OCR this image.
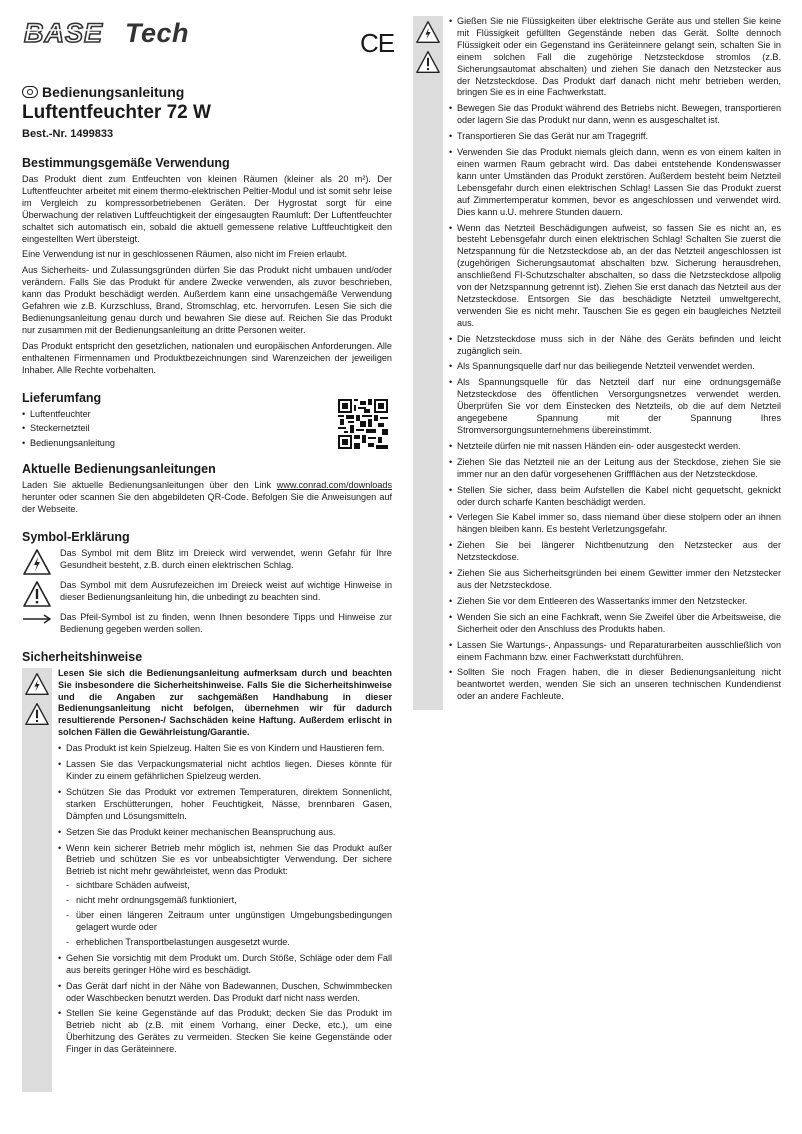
BASE Tech	CE
Bedienungsanleitung
Luftentfeuchter 72 W
Best.-Nr. 1499833
Bestimmungsgemäße Verwendung

Das Produkt dient zum Entfeuchten von kleinen Räumen (kleiner als 20 m²). Der Luftentfeuchter arbeitet mit einem thermo-elektrischen Peltier-Modul und ist somit sehr leise im Vergleich zu kompressorbetriebenen Geräten. Der Hygrostat sorgt für eine Überwachung der relativen Luftfeuchtigkeit der eingesaugten Raumluft: Der Luftentfeuchter schaltet sich automatisch ein, sobald die aktuell gemessene relative Luftfeuchtigkeit den eingestellten Wert übersteigt.

Eine Verwendung ist nur in geschlossenen Räumen, also nicht im Freien erlaubt.

Aus Sicherheits- und Zulassungsgründen dürfen Sie das Produkt nicht umbauen und/oder verändern. Falls Sie das Produkt für andere Zwecke verwenden, als zuvor beschrieben, kann das Produkt beschädigt werden. Außerdem kann eine unsachgemäße Verwendung Gefahren wie z.B. Kurzschluss, Brand, Stromschlag, etc. hervorrufen. Lesen Sie sich die Bedienungsanleitung genau durch und bewahren Sie diese auf. Reichen Sie das Produkt nur zusammen mit der Bedienungsanleitung an dritte Personen weiter.

Das Produkt entspricht den gesetzlichen, nationalen und europäischen Anforderungen. Alle enthaltenen Firmennamen und Produktbezeichnungen sind Warenzeichen der jeweiligen Inhaber. Alle Rechte vorbehalten.

Lieferumfang
• Luftentfeuchter
• Steckernetzteil
• Bedienungsanleitung
Aktuelle Bedienungsanleitungen

Laden Sie aktuelle Bedienungsanleitungen über den Link www.conrad.com/downloads herunter oder scannen Sie den abgebildeten QR-Code. Befolgen Sie die Anweisungen auf der Webseite.

Symbol-Erklärung

Das Symbol mit dem Blitz im Dreieck wird verwendet, wenn Gefahr für Ihre Gesundheit besteht, z.B. durch einen elektrischen Schlag.

Das Symbol mit dem Ausrufezeichen im Dreieck weist auf wichtige Hinweise in dieser Bedienungsanleitung hin, die unbedingt zu beachten sind.

Das Pfeil-Symbol ist zu finden, wenn Ihnen besondere Tipps und Hinweise zur Bedienung gegeben werden sollen.

Sicherheitshinweise

Lesen Sie sich die Bedienungsanleitung aufmerksam durch und beachten Sie insbesondere die Sicherheitshinweise. Falls Sie die Sicherheitshinweise und die Angaben zur sachgemäßen Handhabung in dieser Bedienungsanleitung nicht befolgen, übernehmen wir für dadurch resultierende Personen-/ Sachschäden keine Haftung. Außerdem erlischt in solchen Fällen die Gewährleistung/Garantie.

• Das Produkt ist kein Spielzeug. Halten Sie es von Kindern und Haustieren fern.
• Lassen Sie das Verpackungsmaterial nicht achtlos liegen. Dieses könnte für Kinder zu einem gefährlichen Spielzeug werden.
• Schützen Sie das Produkt vor extremen Temperaturen, direktem Sonnenlicht, starken Erschütterungen, hoher Feuchtigkeit, Nässe, brennbaren Gasen, Dämpfen und Lösungsmitteln.
• Setzen Sie das Produkt keiner mechanischen Beanspruchung aus.
• Wenn kein sicherer Betrieb mehr möglich ist, nehmen Sie das Produkt außer Betrieb und schützen Sie es vor unbeabsichtigter Verwendung. Der sichere Betrieb ist nicht mehr gewährleistet, wenn das Produkt:
- sichtbare Schäden aufweist,
- nicht mehr ordnungsgemäß funktioniert,
- über einen längeren Zeitraum unter ungünstigen Umgebungsbedingungen gelagert wurde oder
- erheblichen Transportbelastungen ausgesetzt wurde.
• Gehen Sie vorsichtig mit dem Produkt um. Durch Stöße, Schläge oder dem Fall aus bereits geringer Höhe wird es beschädigt.
• Das Gerät darf nicht in der Nähe von Badewannen, Duschen, Schwimmbecken oder Waschbecken benutzt werden. Das Produkt darf nicht nass werden.
• Stellen Sie keine Gegenstände auf das Produkt; decken Sie das Produkt im Betrieb nicht ab (z.B. mit einem Vorhang, einer Decke, etc.), um eine Überhitzung des Gerätes zu vermeiden. Stecken Sie keine Gegenstände oder Finger in das Geräteinnere.
• Gießen Sie nie Flüssigkeiten über elektrische Geräte aus und stellen Sie keine mit Flüssigkeit gefüllten Gegenstände neben das Gerät. Sollte dennoch Flüssigkeit oder ein Gegenstand ins Geräteinnere gelangt sein, schalten Sie in einem solchen Fall die zugehörige Netzsteckdose stromlos (z.B. Sicherungsautomat abschalten) und ziehen Sie danach den Netzstecker aus der Netzsteckdose. Das Produkt darf danach nicht mehr betrieben werden, bringen Sie es in eine Fachwerkstatt.
• Bewegen Sie das Produkt während des Betriebs nicht. Bewegen, transportieren oder lagern Sie das Produkt nur dann, wenn es ausgeschaltet ist.
• Transportieren Sie das Gerät nur am Tragegriff.
• Verwenden Sie das Produkt niemals gleich dann, wenn es von einem kalten in einen warmen Raum gebracht wird. Das dabei entstehende Kondenswasser kann unter Umständen das Produkt zerstören. Außerdem besteht beim Netzteil Lebensgefahr durch einen elektrischen Schlag! Lassen Sie das Produkt zuerst auf Zimmertemperatur kommen, bevor es angeschlossen und verwendet wird. Dies kann u.U. mehrere Stunden dauern.
• Wenn das Netzteil Beschädigungen aufweist, so fassen Sie es nicht an, es besteht Lebensgefahr durch einen elektrischen Schlag! Schalten Sie zuerst die Netzspannung für die Netzsteckdose ab, an der das Netzteil angeschlossen ist (zugehörigen Sicherungsautomat abschalten bzw. Sicherung herausdrehen, anschließend FI-Schutzschalter abschalten, so dass die Netzsteckdose allpolig von der Netzspannung getrennt ist). Ziehen Sie erst danach das Netzteil aus der Netzsteckdose. Entsorgen Sie das beschädigte Netzteil umweltgerecht, verwenden Sie es nicht mehr. Tauschen Sie es gegen ein baugleiches Netzteil aus.
• Die Netzsteckdose muss sich in der Nähe des Geräts befinden und leicht zugänglich sein.
• Als Spannungsquelle darf nur das beiliegende Netzteil verwendet werden.
• Als Spannungsquelle für das Netzteil darf nur eine ordnungsgemäße Netzsteckdose des öffentlichen Versorgungsnetzes verwendet werden. Überprüfen Sie vor dem Einstecken des Netzteils, ob die auf dem Netzteil angegebene Spannung mit der Spannung Ihres Stromversorgungsunternehmens übereinstimmt.
• Netzteile dürfen nie mit nassen Händen ein- oder ausgesteckt werden.
• Ziehen Sie das Netzteil nie an der Leitung aus der Steckdose, ziehen Sie sie immer nur an den dafür vorgesehenen Griffflächen aus der Netzsteckdose.
• Stellen Sie sicher, dass beim Aufstellen die Kabel nicht gequetscht, geknickt oder durch scharfe Kanten beschädigt werden.
• Verlegen Sie Kabel immer so, dass niemand über diese stolpern oder an ihnen hängen bleiben kann. Es besteht Verletzungsgefahr.
• Ziehen Sie bei längerer Nichtbenutzung den Netzstecker aus der Netzsteckdose.
• Ziehen Sie aus Sicherheitsgründen bei einem Gewitter immer den Netzstecker aus der Netzsteckdose.
• Ziehen Sie vor dem Entleeren des Wassertanks immer den Netzstecker.
• Wenden Sie sich an eine Fachkraft, wenn Sie Zweifel über die Arbeitsweise, die Sicherheit oder den Anschluss des Produkts haben.
• Lassen Sie Wartungs-, Anpassungs- und Reparaturarbeiten ausschließlich von einem Fachmann bzw. einer Fachwerkstatt durchführen.
• Sollten Sie noch Fragen haben, die in dieser Bedienungsanleitung nicht beantwortet werden, wenden Sie sich an unseren technischen Kundendienst oder an andere Fachleute.
